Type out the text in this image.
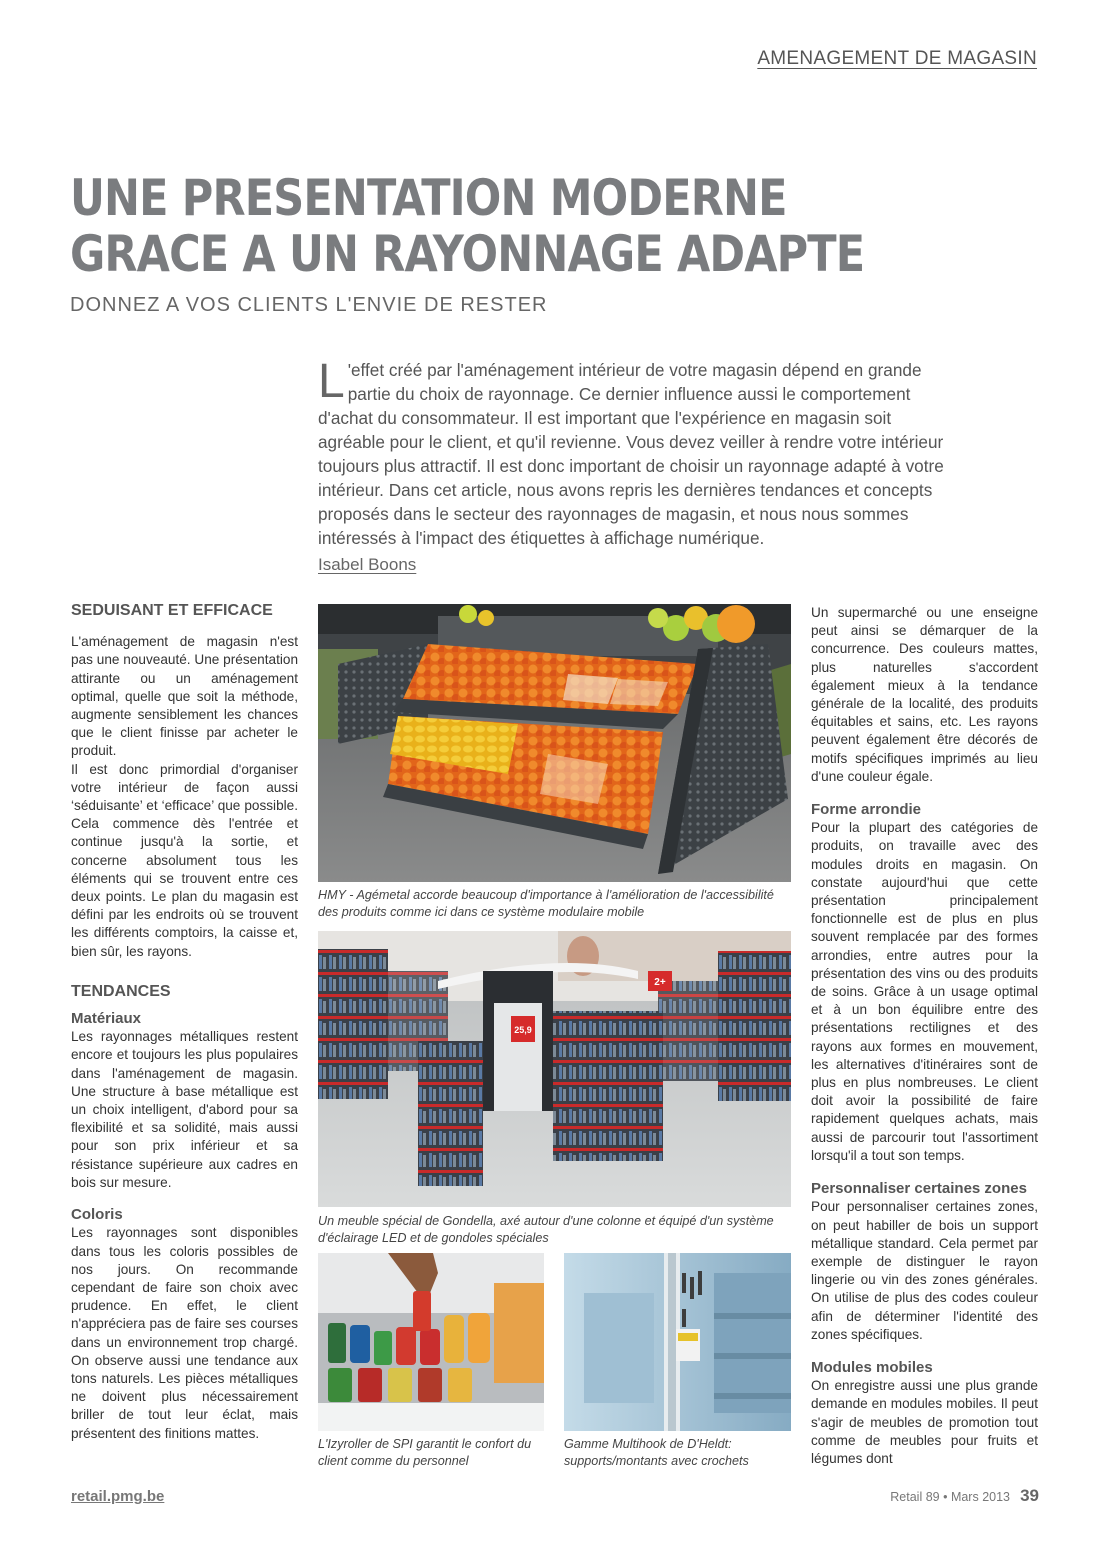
AMENAGEMENT DE MAGASIN
UNE PRESENTATION MODERNE
GRACE A UN RAYONNAGE ADAPTE
DONNEZ A VOS CLIENTS L'ENVIE DE RESTER

L 'effet créé par l'aménagement intérieur de votre magasin dépend en grande partie du choix de rayonnage. Ce dernier influence aussi le comportement d'achat du consommateur. Il est important que l'expérience en magasin soit agréable pour le client, et qu'il revienne. Vous devez veiller à rendre votre intérieur toujours plus attractif. Il est donc important de choisir un rayonnage adapté à votre intérieur. Dans cet article, nous avons repris les dernières tendances et concepts proposés dans le secteur des rayonnages de magasin, et nous nous sommes intéressés à l'impact des étiquettes à affichage numérique.

Isabel Boons
SEDUISANT ET EFFICACE

L'aménagement de magasin n'est pas une nouveauté. Une présentation attirante ou un aménagement optimal, quelle que soit la méthode, augmente sensiblement les chances que le client finisse par acheter le produit.

Il est donc primordial d'organiser votre intérieur de façon aussi ‘séduisante’ et ‘efficace’ que possible. Cela commence dès l'entrée et continue jusqu'à la sortie, et concerne absolument tous les éléments qui se trouvent entre ces deux points. Le plan du magasin est défini par les endroits où se trouvent les différents comptoirs, la caisse et, bien sûr, les rayons.

TENDANCES
Matériaux

Les rayonnages métalliques restent encore et toujours les plus populaires dans l'aménagement de magasin. Une structure à base métallique est un choix intelligent, d'abord pour sa flexibilité et sa solidité, mais aussi pour son prix inférieur et sa résistance supérieure aux cadres en bois sur mesure.

Coloris

Les rayonnages sont disponibles dans tous les coloris possibles de nos jours. On recommande cependant de faire son choix avec prudence. En effet, le client n'appréciera pas de faire ses courses dans un environnement trop chargé. On observe aussi une tendance aux tons naturels. Les pièces métalliques ne doivent plus nécessairement briller de tout leur éclat, mais présentent des finitions mattes.

HMY - Agémetal accorde beaucoup d'importance à l'amélioration de l'accessibilité des produits comme ici dans ce système modulaire mobile
25,9
2+
Un meuble spécial de Gondella, axé autour d'une colonne et équipé d'un système d'éclairage LED et de gondoles spéciales
L'Izyroller de SPI garantit le confort du client comme du personnel
Gamme Multihook de D'Heldt: supports/montants avec crochets

Un supermarché ou une enseigne peut ainsi se démarquer de la concurrence. Des couleurs mattes, plus naturelles s'accordent également mieux à la tendance générale de la localité, des produits équitables et sains, etc. Les rayons peuvent également être décorés de motifs spécifiques imprimés au lieu d'une couleur égale.

Forme arrondie

Pour la plupart des catégories de produits, on travaille avec des modules droits en magasin. On constate aujourd'hui que cette présentation principalement fonctionnelle est de plus en plus souvent remplacée par des formes arrondies, entre autres pour la présentation des vins ou des produits de soins. Grâce à un usage optimal et à un bon équilibre entre des présentations rectilignes et des rayons aux formes en mouvement, les alternatives d'itinéraires sont de plus en plus nombreuses. Le client doit avoir la possibilité de faire rapidement quelques achats, mais aussi de parcourir tout l'assortiment lorsqu'il a tout son temps.

Personnaliser certaines zones

Pour personnaliser certaines zones, on peut habiller de bois un support métallique standard. Cela permet par exemple de distinguer le rayon lingerie ou vin des zones générales. On utilise de plus des codes couleur afin de déterminer l'identité des zones spécifiques.

Modules mobiles

On enregistre aussi une plus grande demande en modules mobiles. Il peut s'agir de meubles de promotion tout comme de meubles pour fruits et légumes dont

retail.pmg.be	Retail 89 • Mars 2013 39
